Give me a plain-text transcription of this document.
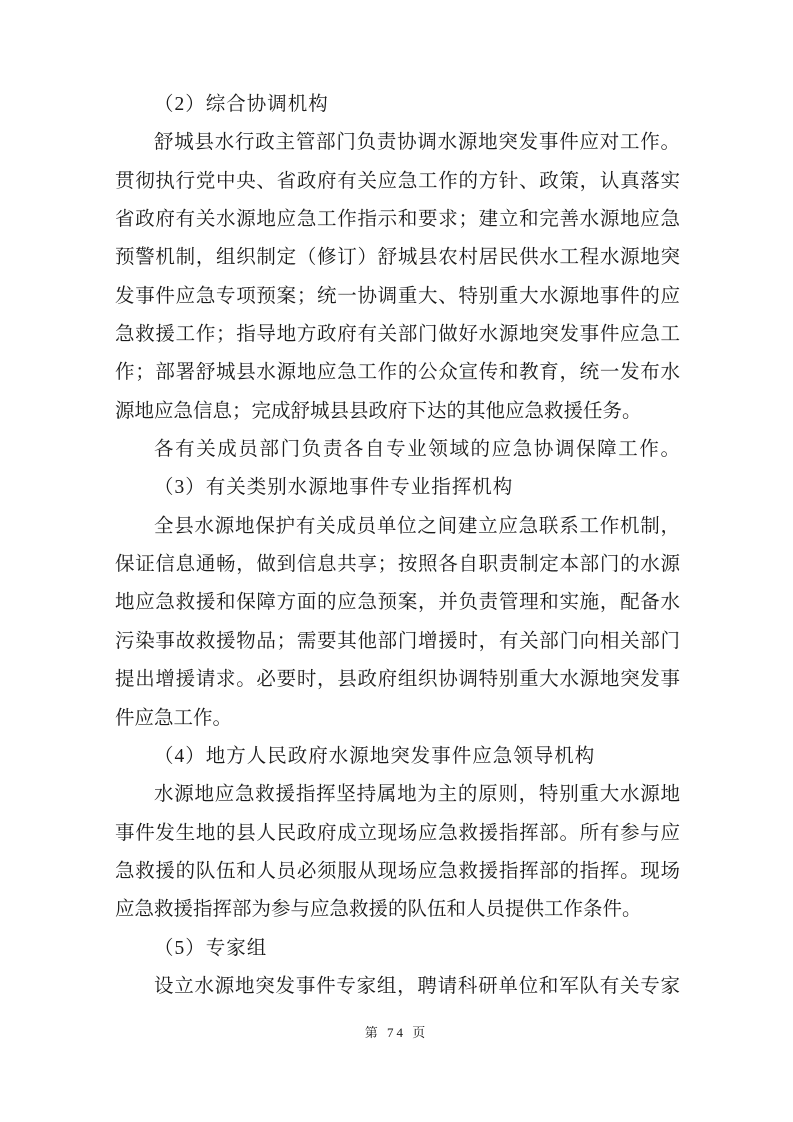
（2）综合协调机构
舒城县水行政主管部门负责协调水源地突发事件应对工作。
贯彻执行党中央、省政府有关应急工作的方针、政策，认真落实
省政府有关水源地应急工作指示和要求；建立和完善水源地应急
预警机制，组织制定（修订）舒城县农村居民供水工程水源地突
发事件应急专项预案；统一协调重大、特别重大水源地事件的应
急救援工作；指导地方政府有关部门做好水源地突发事件应急工
作；部署舒城县水源地应急工作的公众宣传和教育，统一发布水
源地应急信息；完成舒城县县政府下达的其他应急救援任务。
各有关成员部门负责各自专业领域的应急协调保障工作。
（3）有关类别水源地事件专业指挥机构
全县水源地保护有关成员单位之间建立应急联系工作机制，
保证信息通畅，做到信息共享；按照各自职责制定本部门的水源
地应急救援和保障方面的应急预案，并负责管理和实施，配备水
污染事故救援物品；需要其他部门增援时，有关部门向相关部门
提出增援请求。必要时，县政府组织协调特别重大水源地突发事
件应急工作。
（4）地方人民政府水源地突发事件应急领导机构
水源地应急救援指挥坚持属地为主的原则，特别重大水源地
事件发生地的县人民政府成立现场应急救援指挥部。所有参与应
急救援的队伍和人员必须服从现场应急救援指挥部的指挥。现场
应急救援指挥部为参与应急救援的队伍和人员提供工作条件。
（5）专家组
设立水源地突发事件专家组，聘请科研单位和军队有关专家
第 74 页
